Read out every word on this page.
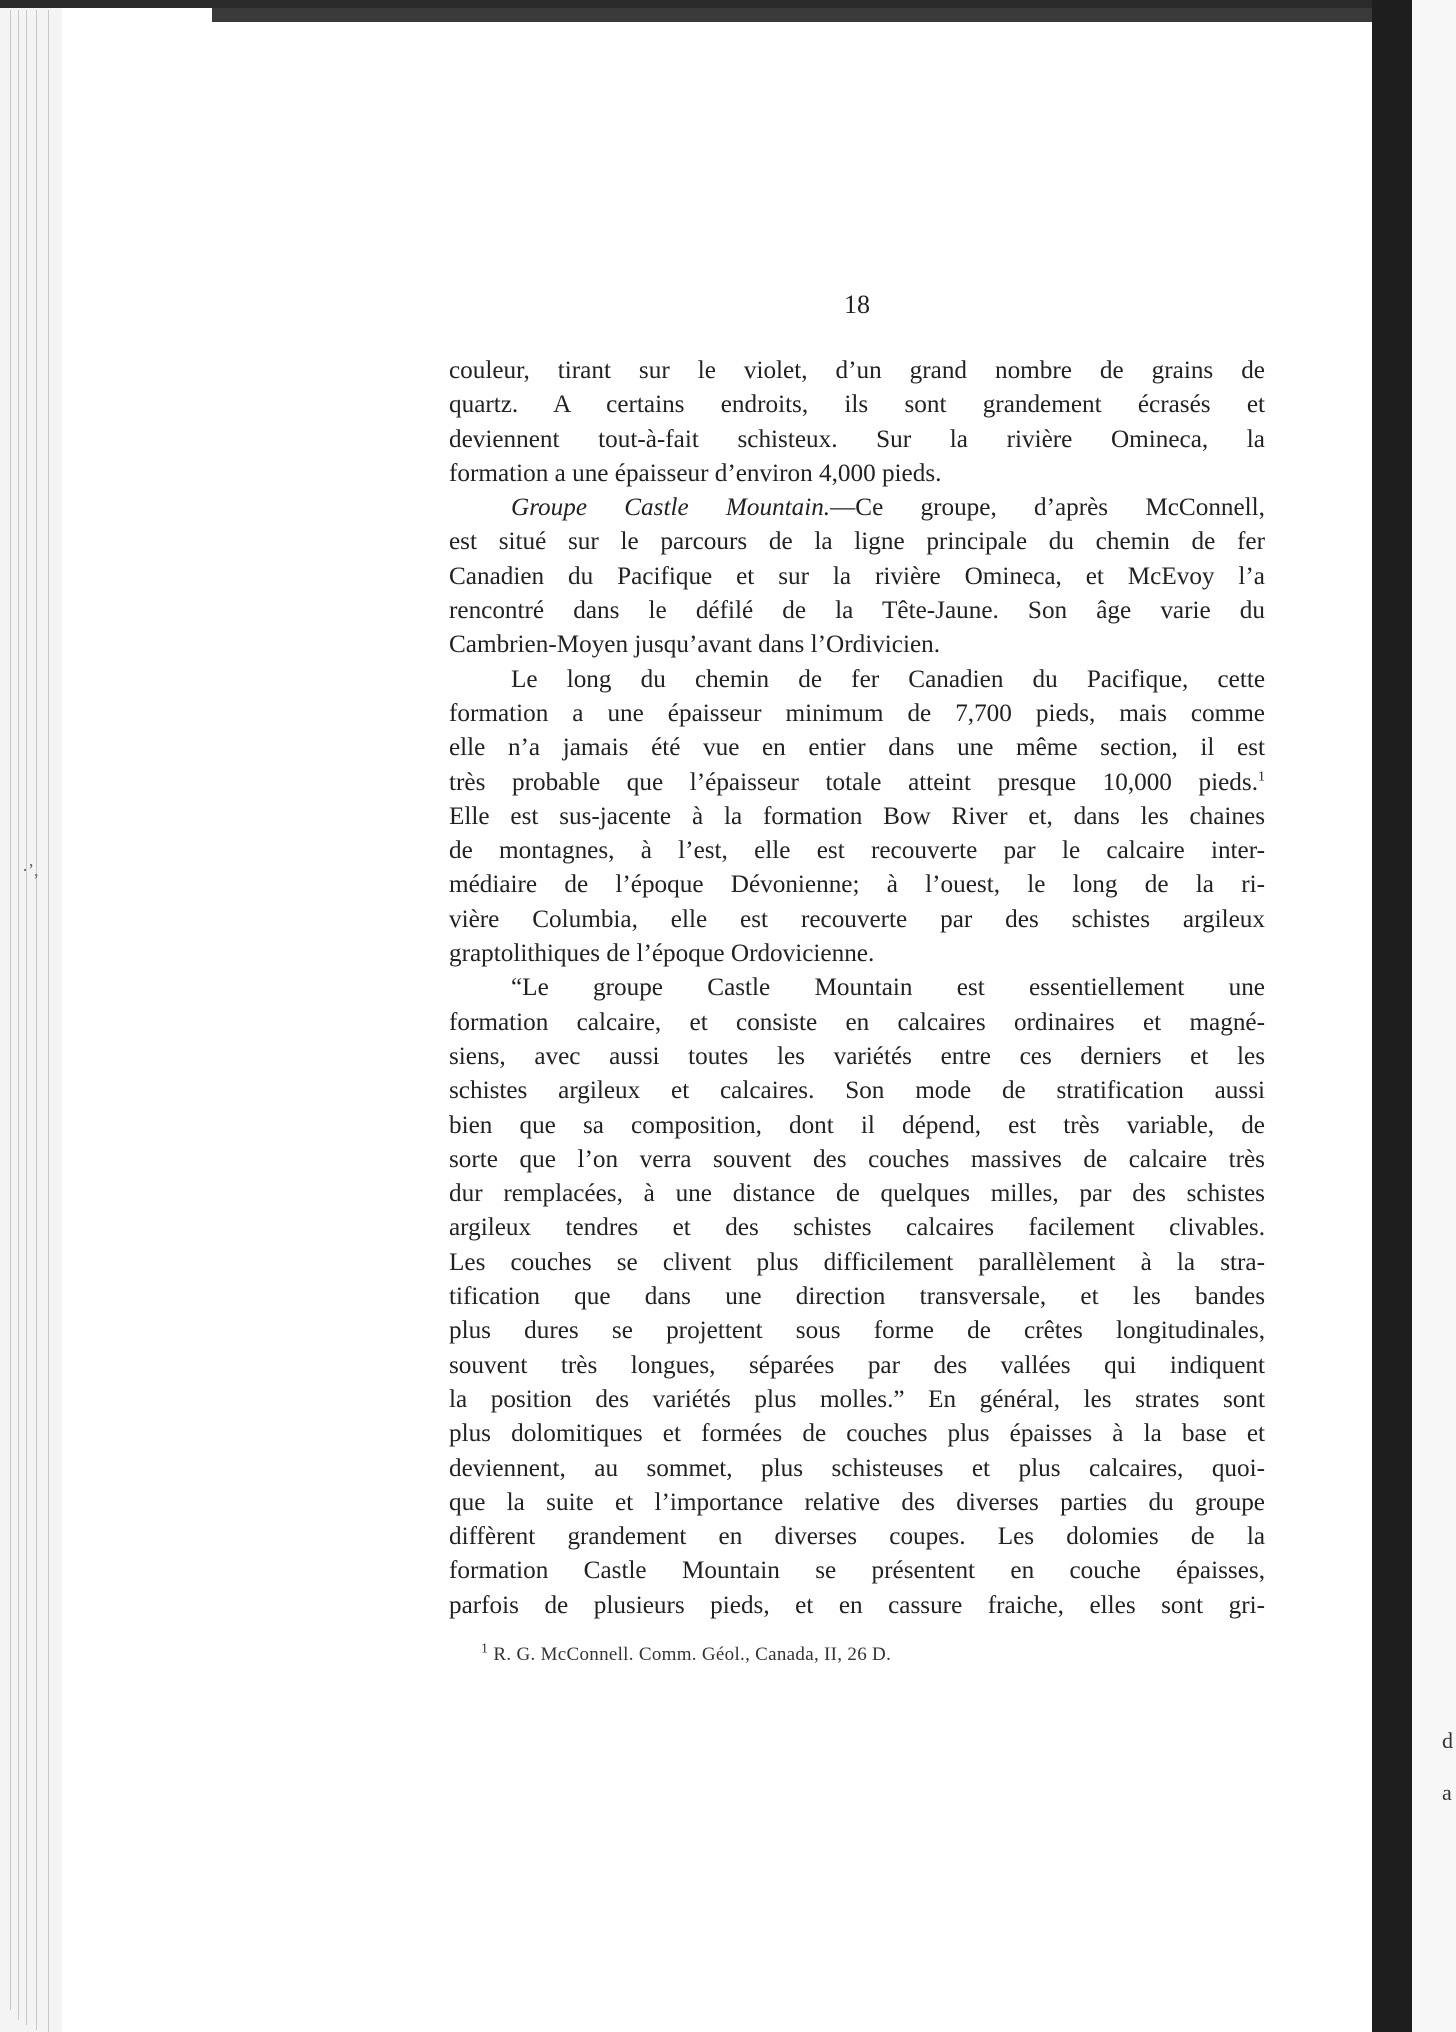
d
a
·ʼ,
18

couleur, tirant sur le violet, d’un grand nombre de grains de
quartz. A certains endroits, ils sont grandement écrasés et
deviennent tout-à-fait schisteux. Sur la rivière Omineca, la
formation a une épaisseur d’environ 4,000 pieds.

Groupe Castle Mountain.—Ce groupe, d’après McConnell,
est situé sur le parcours de la ligne principale du chemin de fer
Canadien du Pacifique et sur la rivière Omineca, et McEvoy l’a
rencontré dans le défilé de la Tête-Jaune. Son âge varie du
Cambrien-Moyen jusqu’avant dans l’Ordivicien.

Le long du chemin de fer Canadien du Pacifique, cette
formation a une épaisseur minimum de 7,700 pieds, mais comme
elle n’a jamais été vue en entier dans une même section, il est
très probable que l’épaisseur totale atteint presque 10,000 pieds.$^1$
Elle est sus-jacente à la formation Bow River et, dans les chaines
de montagnes, à l’est, elle est recouverte par le calcaire inter-
médiaire de l’époque Dévonienne; à l’ouest, le long de la ri-
vière Columbia, elle est recouverte par des schistes argileux
graptolithiques de l’époque Ordovicienne.

“Le groupe Castle Mountain est essentiellement une
formation calcaire, et consiste en calcaires ordinaires et magné-
siens, avec aussi toutes les variétés entre ces derniers et les
schistes argileux et calcaires. Son mode de stratification aussi
bien que sa composition, dont il dépend, est très variable, de
sorte que l’on verra souvent des couches massives de calcaire très
dur remplacées, à une distance de quelques milles, par des schistes
argileux tendres et des schistes calcaires facilement clivables.
Les couches se clivent plus difficilement parallèlement à la stra-
tification que dans une direction transversale, et les bandes
plus dures se projettent sous forme de crêtes longitudinales,
souvent très longues, séparées par des vallées qui indiquent
la position des variétés plus molles.” En général, les strates sont
plus dolomitiques et formées de couches plus épaisses à la base et
deviennent, au sommet, plus schisteuses et plus calcaires, quoi-
que la suite et l’importance relative des diverses parties du groupe
diffèrent grandement en diverses coupes. Les dolomies de la
formation Castle Mountain se présentent en couche épaisses,
parfois de plusieurs pieds, et en cassure fraiche, elles sont gri-

$^1$ R. G. McConnell. Comm. Géol., Canada, II, 26 D.
